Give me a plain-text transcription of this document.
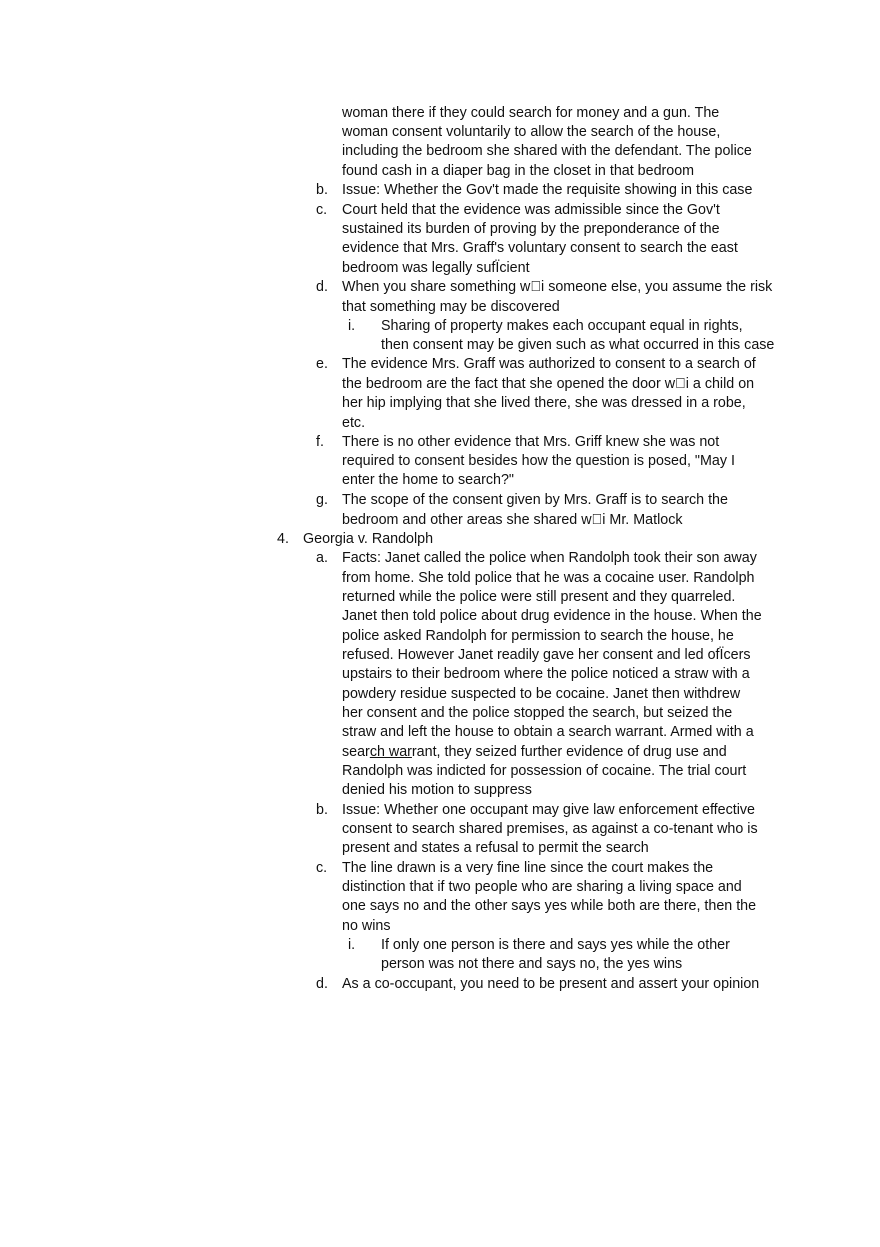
woman there if they could search for money and a gun. The
woman consent voluntarily to allow the search of the house,
including the bedroom she shared with the defendant. The police
found cash in a diaper bag in the closet in that bedroom
b. Issue: Whether the Gov't made the requisite showing in this case
c. Court held that the evidence was admissible since the Gov't
sustained its burden of proving by the preponderance of the
evidence that Mrs. Graff's voluntary consent to search the east
bedroom was legally sufÏcient
d. When you share something w￿i someone else, you assume the risk
that something may be discovered
i. Sharing of property makes each occupant equal in rights,
then consent may be given such as what occurred in this case
e. The evidence Mrs. Graff was authorized to consent to a search of
the bedroom are the fact that she opened the door w￿i a child on
her hip implying that she lived there, she was dressed in a robe,
etc.
f. There is no other evidence that Mrs. Griff knew she was not
required to consent besides how the question is posed, "May I
enter the home to search?"
g. The scope of the consent given by Mrs. Graff is to search the
bedroom and other areas she shared w￿i Mr. Matlock
4. Georgia v. Randolph
a. Facts: Janet called the police when Randolph took their son away
from home. She told police that he was a cocaine user. Randolph
returned while the police were still present and they quarreled.
Janet then told police about drug evidence in the house. When the
police asked Randolph for permission to search the house, he
refused. However Janet readily gave her consent and led ofÏcers
upstairs to their bedroom where the police noticed a straw with a
powdery residue suspected to be cocaine. Janet then withdrew
her consent and the police stopped the search, but seized the
straw and left the house to obtain a search warrant. Armed with a
search warrant, they seized further evidence of drug use and
Randolph was indicted for possession of cocaine. The trial court
denied his motion to suppress
b. Issue: Whether one occupant may give law enforcement effective
consent to search shared premises, as against a co-tenant who is
present and states a refusal to permit the search
c. The line drawn is a very fine line since the court makes the
distinction that if two people who are sharing a living space and
one says no and the other says yes while both are there, then the
no wins
i. If only one person is there and says yes while the other
person was not there and says no, the yes wins
d. As a co-occupant, you need to be present and assert your opinion
